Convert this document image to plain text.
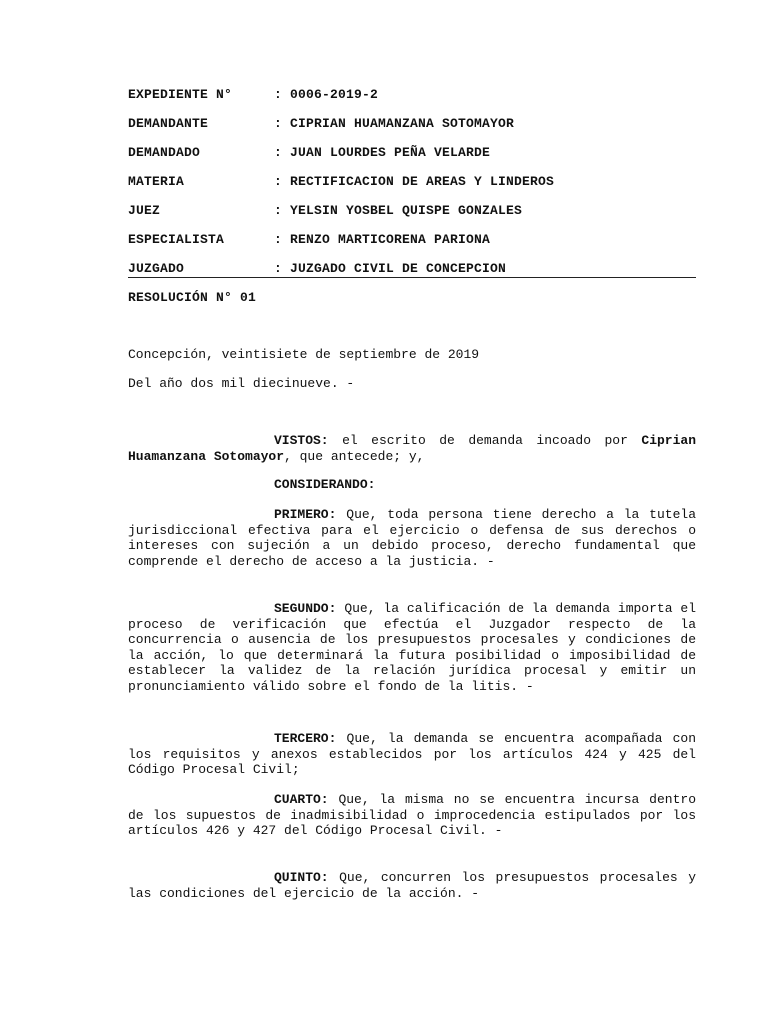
EXPEDIENTE N°	: 0006-2019-2
DEMANDANTE	: CIPRIAN HUAMANZANA SOTOMAYOR
DEMANDADO	: JUAN LOURDES PEÑA VELARDE
MATERIA	: RECTIFICACION DE AREAS Y LINDEROS
JUEZ	: YELSIN YOSBEL QUISPE GONZALES
ESPECIALISTA	: RENZO MARTICORENA PARIONA
JUZGADO	: JUZGADO CIVIL DE CONCEPCION
RESOLUCIÓN N° 01
Concepción, veintisiete de septiembre de 2019
Del año dos mil diecinueve. -

VISTOS: el escrito de demanda incoado por Ciprian Huamanzana Sotomayor, que antecede; y,

CONSIDERANDO:

PRIMERO: Que, toda persona tiene derecho a la tutela jurisdiccional efectiva para el ejercicio o defensa de sus derechos o intereses con sujeción a un debido proceso, derecho fundamental que comprende el derecho de acceso a la justicia. -

SEGUNDO: Que, la calificación de la demanda importa el proceso de verificación que efectúa el Juzgador respecto de la concurrencia o ausencia de los presupuestos procesales y condiciones de la acción, lo que determinará la futura posibilidad o imposibilidad de establecer la validez de la relación jurídica procesal y emitir un pronunciamiento válido sobre el fondo de la litis. -

TERCERO: Que, la demanda se encuentra acompañada con los requisitos y anexos establecidos por los artículos 424 y 425 del Código Procesal Civil;

CUARTO: Que, la misma no se encuentra incursa dentro de los supuestos de inadmisibilidad o improcedencia estipulados por los artículos 426 y 427 del Código Procesal Civil. -

QUINTO: Que, concurren los presupuestos procesales y las condiciones del ejercicio de la acción. -
